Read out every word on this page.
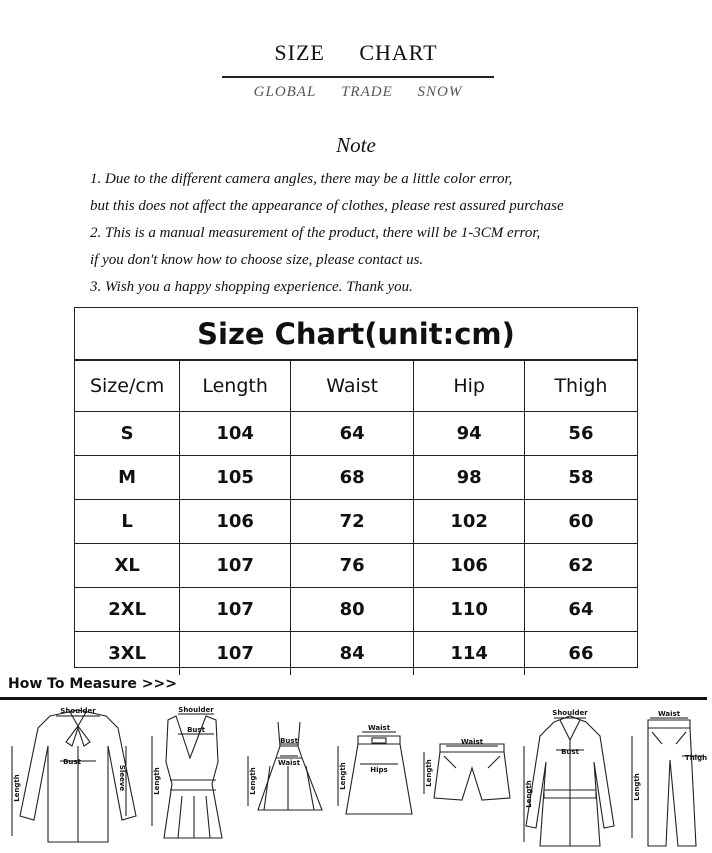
SIZE CHART
GLOBAL TRADE SNOW
Note
1. Due to the different camera angles, there may be a little color error,
but this does not affect the appearance of clothes, please rest assured purchase
2. This is a manual measurement of the product, there will be 1-3CM error,
if you don't know how to choose size, please contact us.
3. Wish you a happy shopping experience. Thank you.
Size Chart(unit:cm)
Size/cm	Length	Waist	Hip	Thigh
S	104	64	94	56
M	105	68	98	58
L	106	72	102	60
XL	107	76	106	62
2XL	107	80	110	64
3XL	107	84	114	66
How To Measure >>>
Shoulder
Bust
Length	Sleeve
Shoulder
Bust
Length
Bust
Waist
Length
Waist
Hips
Length
Waist
Length
Shoulder
Bust
Length
Waist
Thigh
Length
